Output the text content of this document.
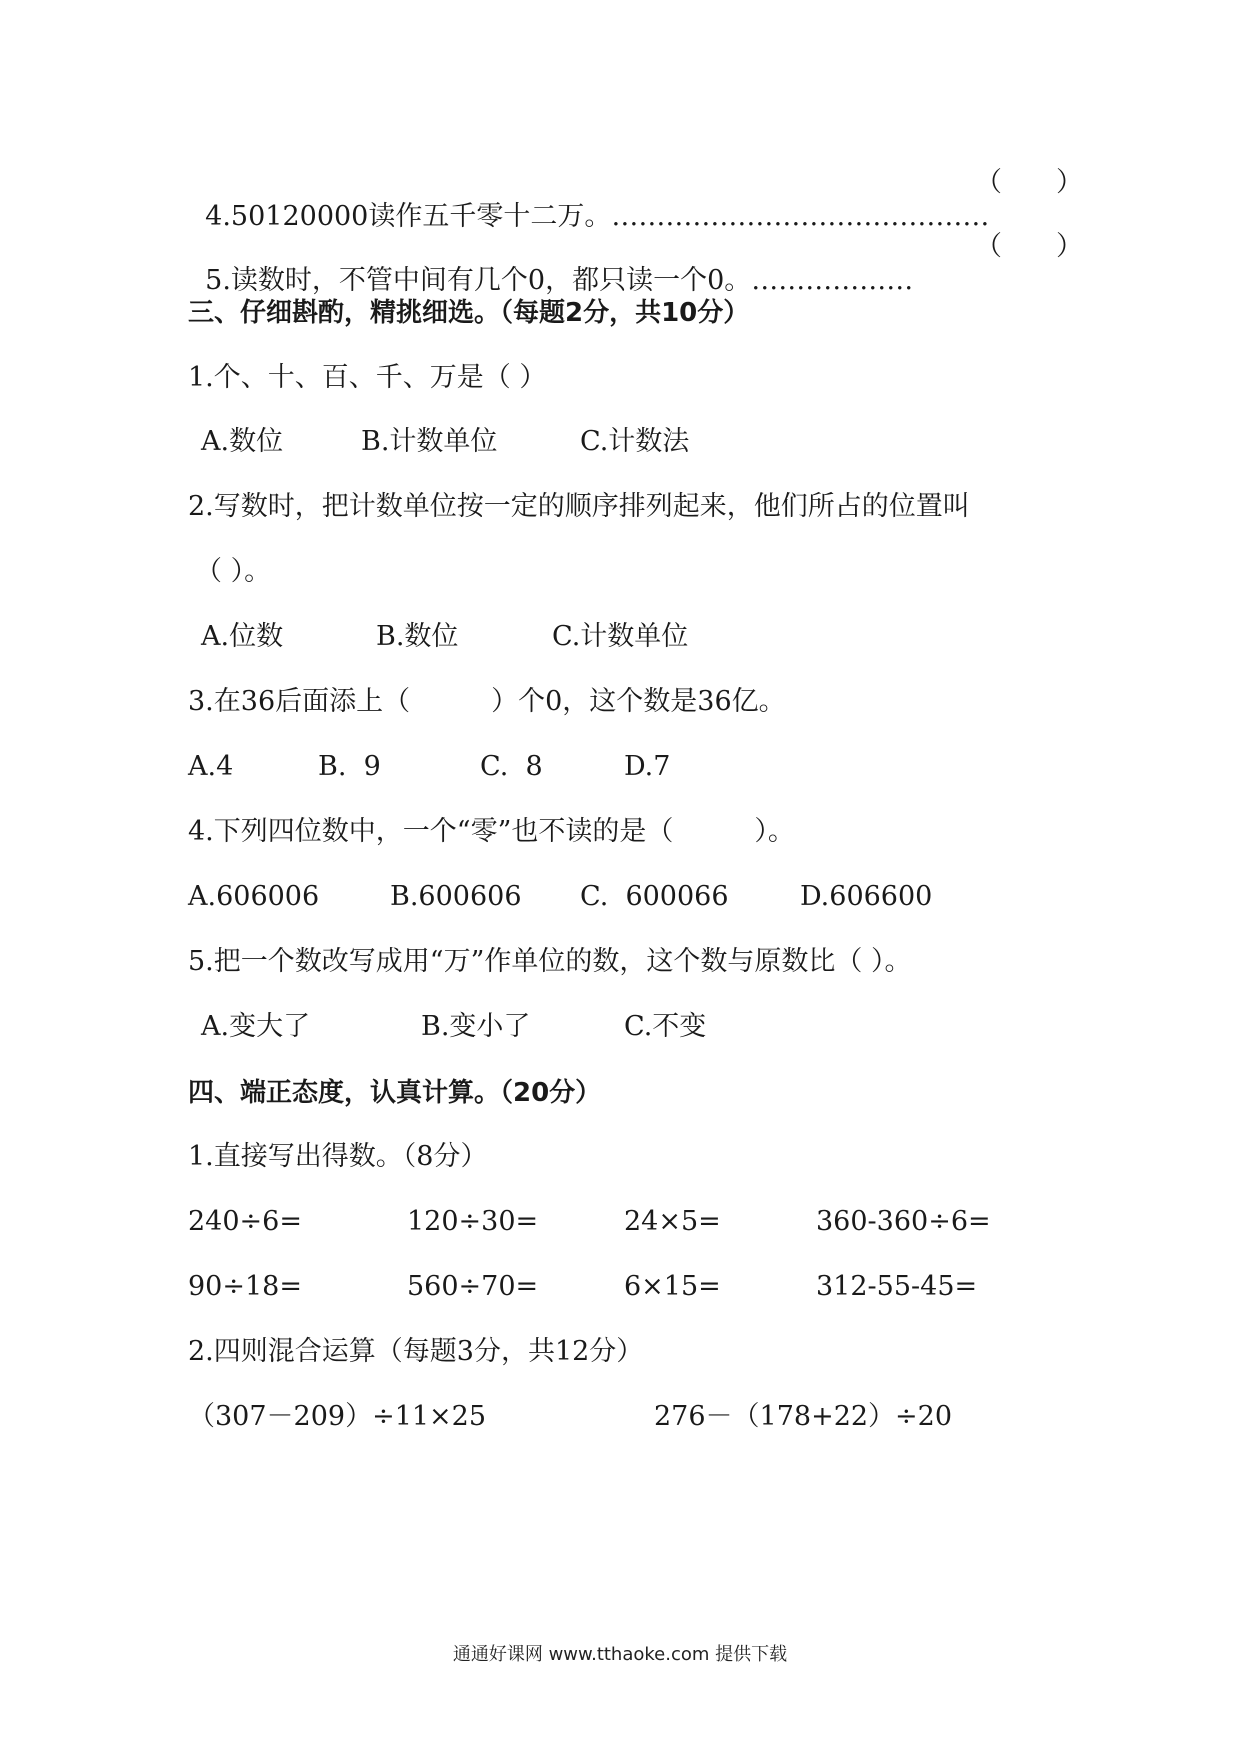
4.50120000读作五千零十二万。……………………………………

（　　）

5.读数时，不管中间有几个0，都只读一个0。………………

（　　）
三、仔细斟酌，精挑细选。（每题2分，共10分）
1.个、十、百、千、万是（ ）
A.数位	B.计数单位	C.计数法
2.写数时，把计数单位按一定的顺序排列起来，他们所占的位置叫
（ ）。
A.位数	B.数位	C.计数单位
3.在36后面添上（　　　）个0，这个数是36亿。
A.4	B.  9	C.  8	D.7
4.下列四位数中，一个“零”也不读的是（　　　）。
A.606006	B.600606 C.  600066	D.606600
5.把一个数改写成用“万”作单位的数，这个数与原数比（ ）。
A.变大了	B.变小了	C.不变
四、端正态度，认真计算。（20分）
1.直接写出得数。（8分）
240÷6=	120÷30=	24×5=	360-360÷6=
90÷18=	560÷70=	6×15=	312-55-45=
2.四则混合运算（每题3分，共12分）
（307－209）÷11×25	276－（178+22）÷20
通通好课网 www.tthaoke.com 提供下载
